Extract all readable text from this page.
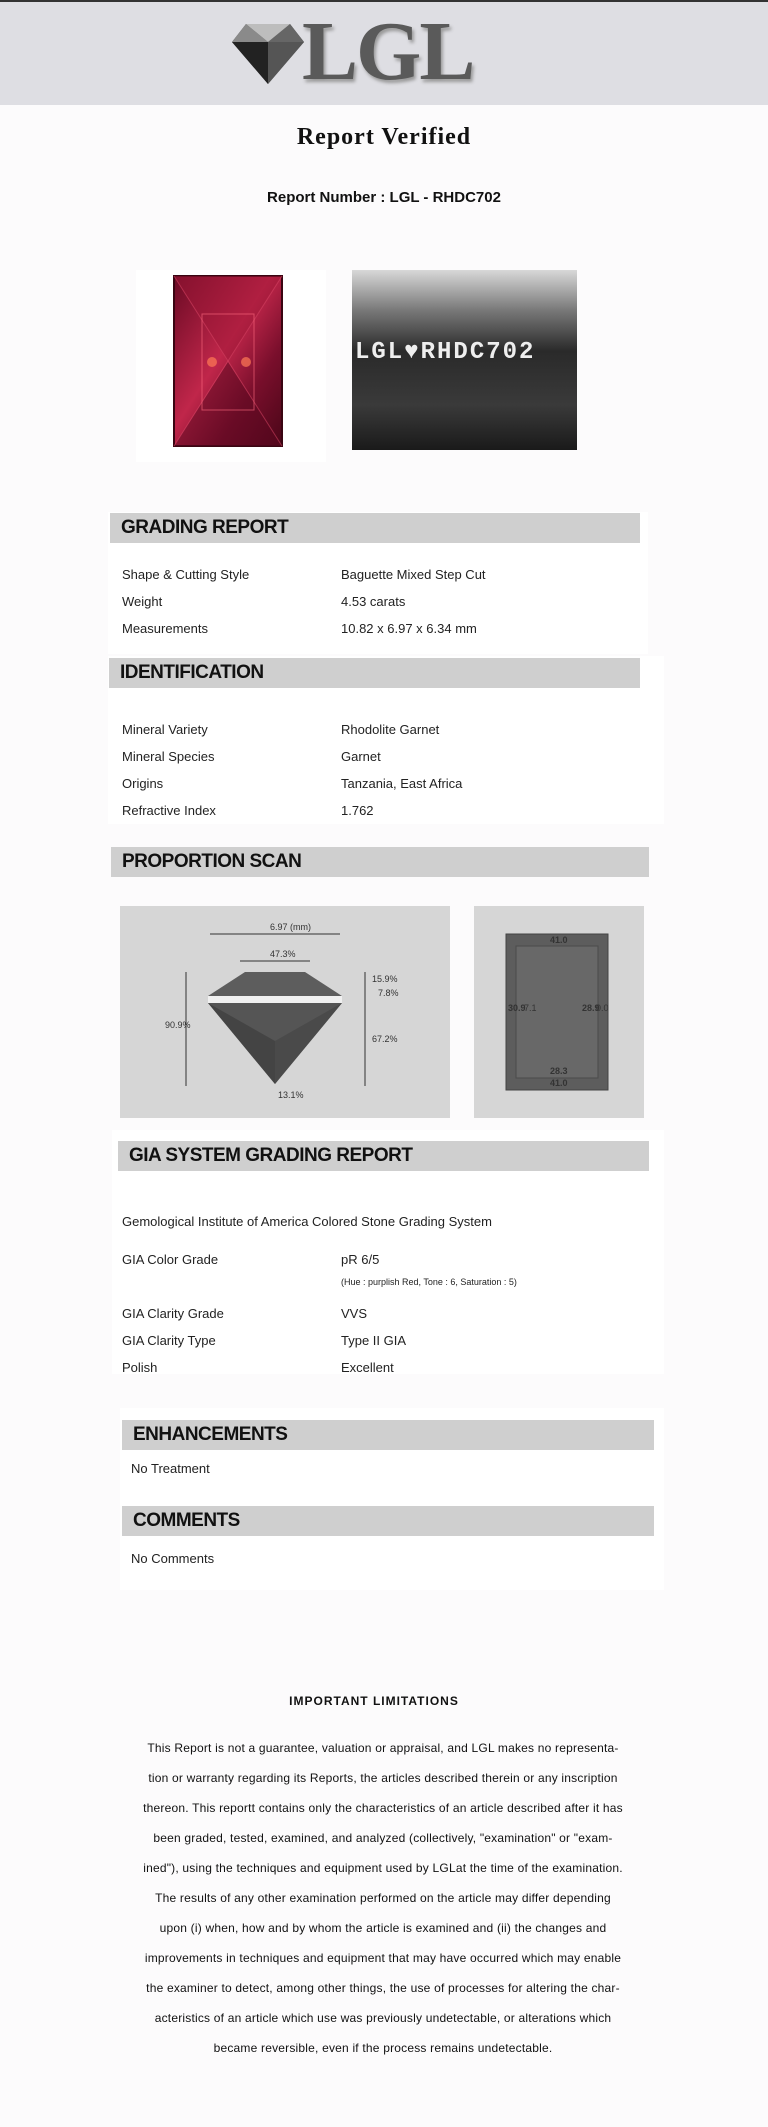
LGL
Report Verified
Report Number : LGL - RHDC702
LGL♥RHDC702
GRADING REPORT
Shape & Cutting Style	Baguette Mixed Step Cut
Weight	4.53 carats
Measurements	10.82 x 6.97 x 6.34 mm
IDENTIFICATION
Mineral Variety	Rhodolite Garnet
Mineral Species	Garnet
Origins	Tanzania, East Africa
Refractive Index	1.762
PROPORTION SCAN
6.97 (mm)
47.3%
90.9%
15.9%
7.8%
67.2%
13.1%
41.0
30.9
7.1	28.9
0.0
28.3
41.0
GIA SYSTEM GRADING REPORT
Gemological Institute of America Colored Stone Grading System
GIA Color Grade	pR 6/5
(Hue : purplish Red, Tone : 6, Saturation : 5)
GIA Clarity Grade	VVS
GIA Clarity Type	Type II GIA
Polish	Excellent
ENHANCEMENTS
No Treatment
COMMENTS
No Comments
IMPORTANT LIMITATIONS
This Report is not a guarantee, valuation or appraisal, and LGL makes no representa-
tion or warranty regarding its Reports, the articles described therein or any inscription
thereon. This reportt contains only the characteristics of an article described after it has
been graded, tested, examined, and analyzed (collectively, "examination" or "exam-
ined"), using the techniques and equipment used by LGLat the time of the examination.
The results of any other examination performed on the article may differ depending
upon (i) when, how and by whom the article is examined and (ii) the changes and
improvements in techniques and equipment that may have occurred which may enable
the examiner to detect, among other things, the use of processes for altering the char-
acteristics of an article which use was previously undetectable, or alterations which
became reversible, even if the process remains undetectable.
